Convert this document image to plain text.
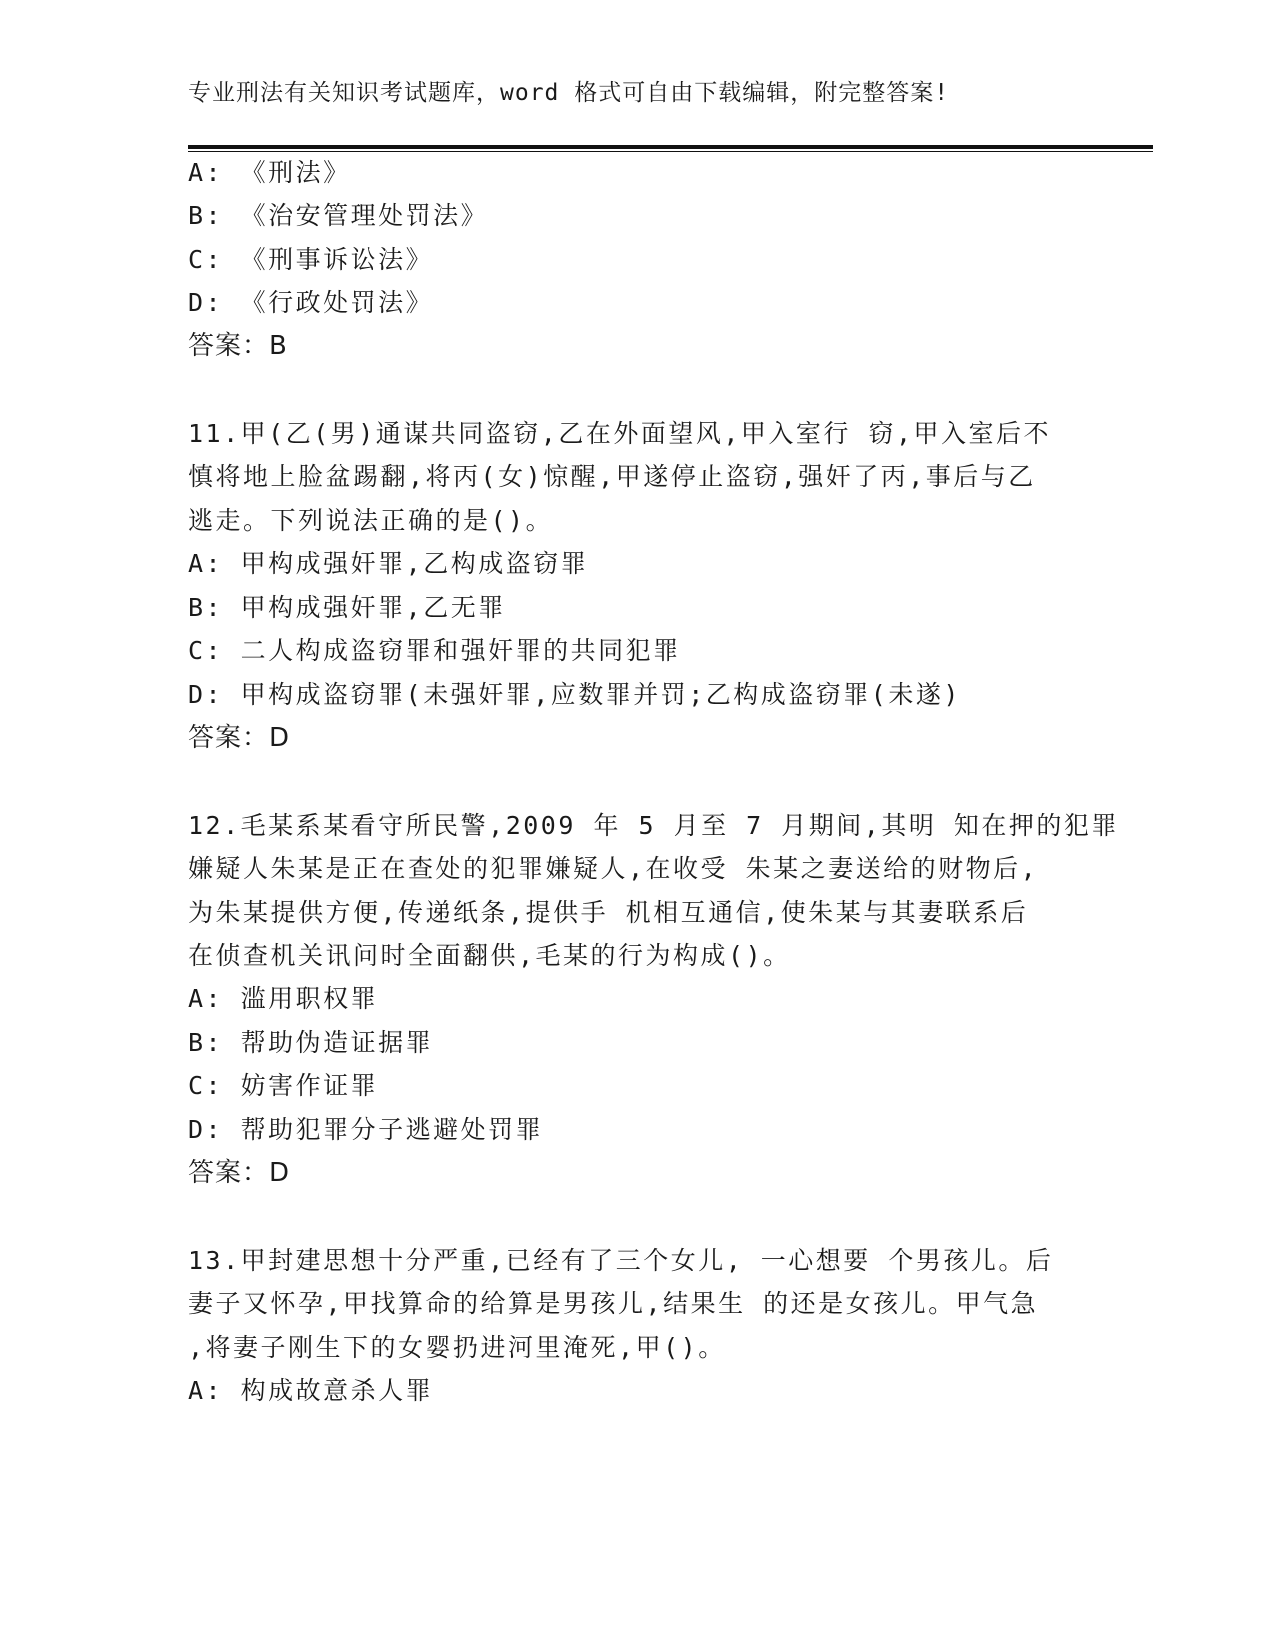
专业刑法有关知识考试题库，word 格式可自由下载编辑，附完整答案!
A: 《刑法》
B: 《治安管理处罚法》
C: 《刑事诉讼法》
D: 《行政处罚法》
答案：B
11.甲(乙(男)通谋共同盗窃,乙在外面望风,甲入室行 窃,甲入室后不
慎将地上脸盆踢翻,将丙(女)惊醒,甲遂停止盗窃,强奸了丙,事后与乙
逃走。下列说法正确的是()。
A: 甲构成强奸罪,乙构成盗窃罪
B: 甲构成强奸罪,乙无罪
C: 二人构成盗窃罪和强奸罪的共同犯罪
D: 甲构成盗窃罪(未强奸罪,应数罪并罚;乙构成盗窃罪(未遂)
答案：D
12.毛某系某看守所民警,2009 年 5 月至 7 月期间,其明 知在押的犯罪
嫌疑人朱某是正在查处的犯罪嫌疑人,在收受 朱某之妻送给的财物后,
为朱某提供方便,传递纸条,提供手 机相互通信,使朱某与其妻联系后
在侦查机关讯问时全面翻供,毛某的行为构成()。
A: 滥用职权罪
B: 帮助伪造证据罪
C: 妨害作证罪
D: 帮助犯罪分子逃避处罚罪
答案：D
13.甲封建思想十分严重,已经有了三个女儿, 一心想要 个男孩儿。后
妻子又怀孕,甲找算命的给算是男孩儿,结果生 的还是女孩儿。甲气急
,将妻子刚生下的女婴扔进河里淹死,甲()。
A: 构成故意杀人罪
